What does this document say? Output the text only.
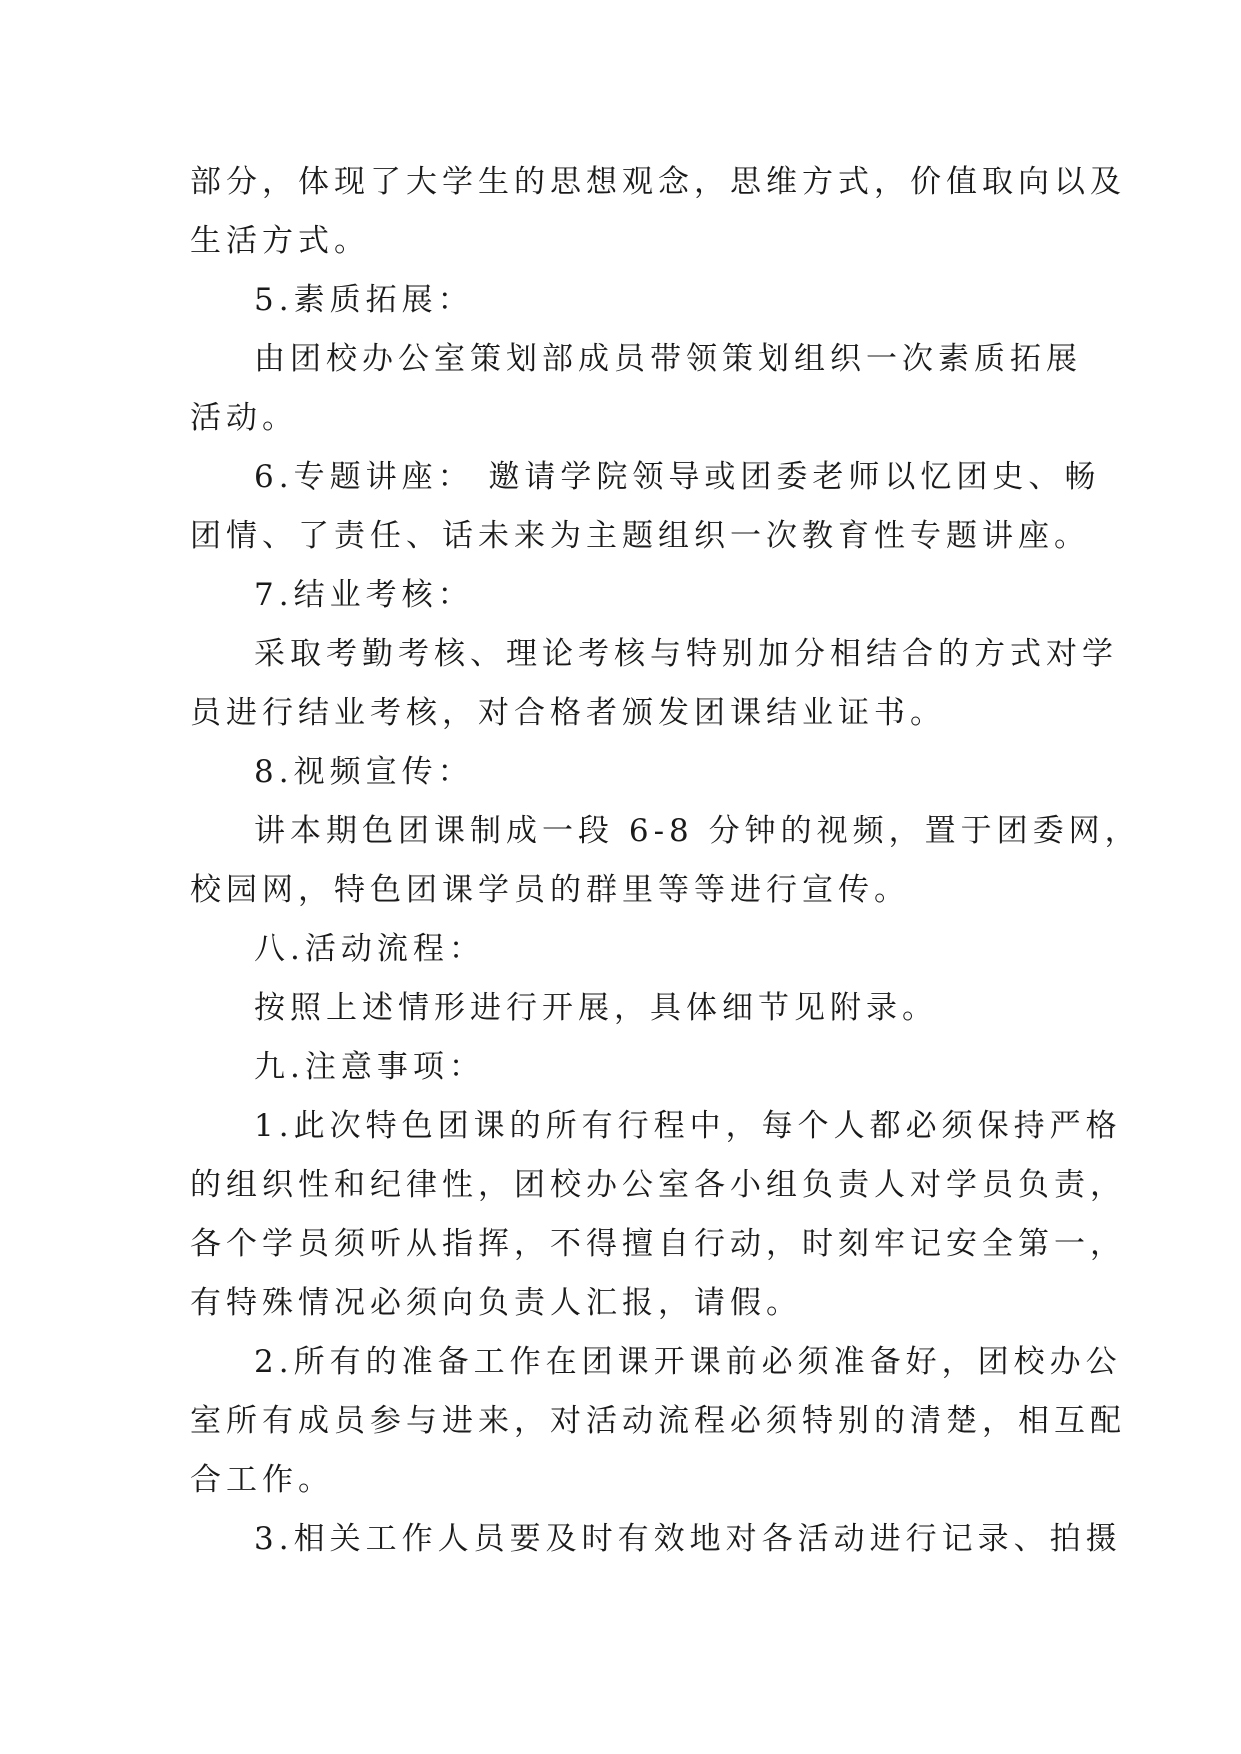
部分，体现了大学生的思想观念，思维方式，价值取向以及
生活方式。
5.素质拓展：
由团校办公室策划部成员带领策划组织一次素质拓展
活动。
6.专题讲座： 邀请学院领导或团委老师以忆团史、畅
团情、了责任、话未来为主题组织一次教育性专题讲座。
7.结业考核：
采取考勤考核、理论考核与特别加分相结合的方式对学
员进行结业考核，对合格者颁发团课结业证书。
8.视频宣传：
讲本期色团课制成一段 6-8 分钟的视频，置于团委网，
校园网，特色团课学员的群里等等进行宣传。
八.活动流程：
按照上述情形进行开展，具体细节见附录。
九.注意事项：
1.此次特色团课的所有行程中，每个人都必须保持严格
的组织性和纪律性，团校办公室各小组负责人对学员负责，
各个学员须听从指挥，不得擅自行动，时刻牢记安全第一，
有特殊情况必须向负责人汇报，请假。
2.所有的准备工作在团课开课前必须准备好，团校办公
室所有成员参与进来，对活动流程必须特别的清楚，相互配
合工作。
3.相关工作人员要及时有效地对各活动进行记录、拍摄
